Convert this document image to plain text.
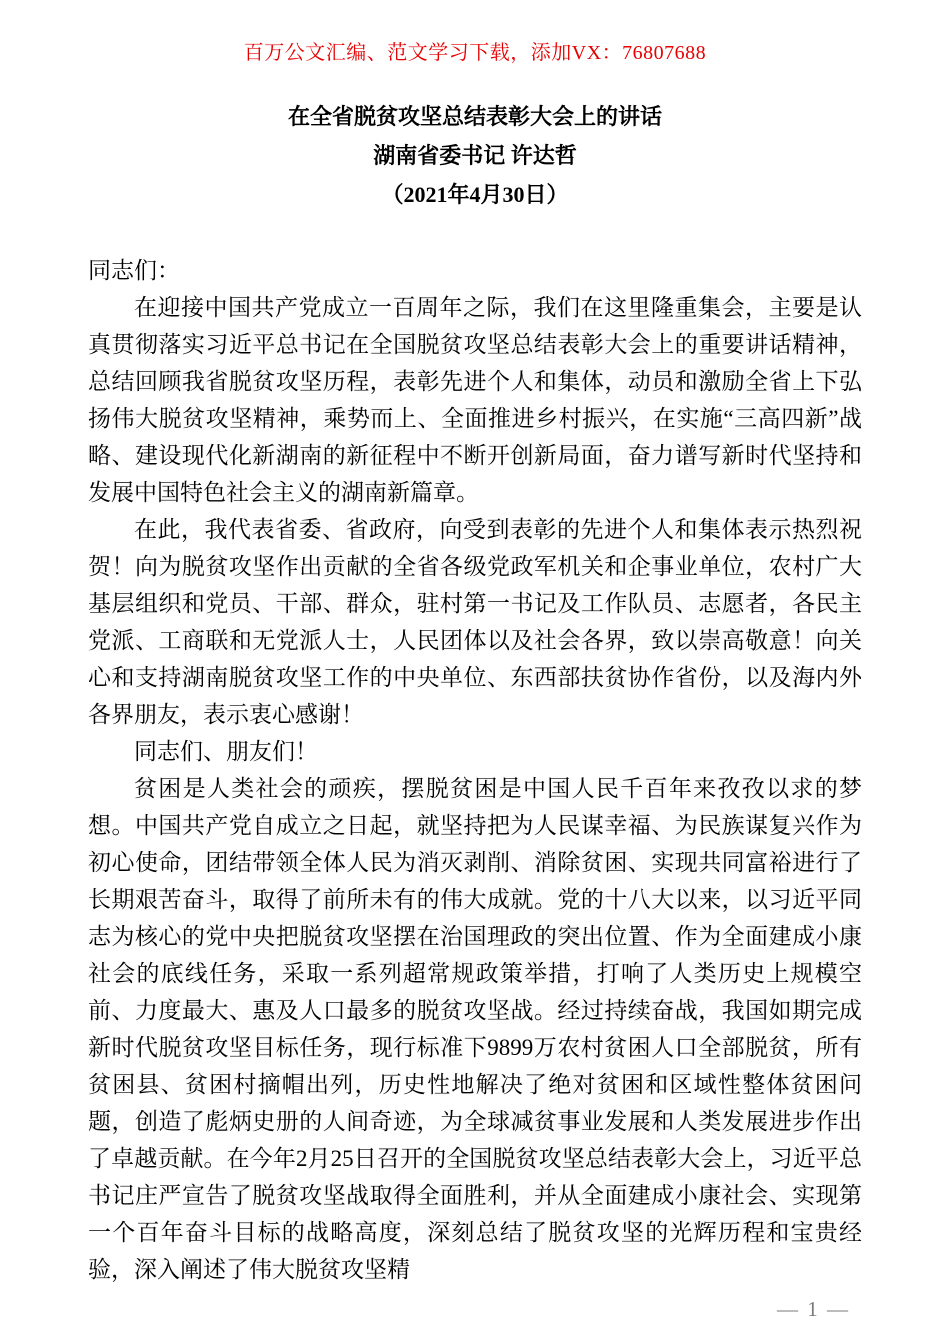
百万公文汇编、范文学习下载，添加VX：76807688
在全省脱贫攻坚总结表彰大会上的讲话
湖南省委书记 许达哲
（2021年4月30日）

同志们：

在迎接中国共产党成立一百周年之际，我们在这里隆重集会，主要是认真贯彻落实习近平总书记在全国脱贫攻坚总结表彰大会上的重要讲话精神，总结回顾我省脱贫攻坚历程，表彰先进个人和集体，动员和激励全省上下弘扬伟大脱贫攻坚精神，乘势而上、全面推进乡村振兴，在实施“三高四新”战略、建设现代化新湖南的新征程中不断开创新局面，奋力谱写新时代坚持和发展中国特色社会主义的湖南新篇章。

在此，我代表省委、省政府，向受到表彰的先进个人和集体表示热烈祝贺！向为脱贫攻坚作出贡献的全省各级党政军机关和企事业单位，农村广大基层组织和党员、干部、群众，驻村第一书记及工作队员、志愿者，各民主党派、工商联和无党派人士，人民团体以及社会各界，致以崇高敬意！向关心和支持湖南脱贫攻坚工作的中央单位、东西部扶贫协作省份，以及海内外各界朋友，表示衷心感谢！

同志们、朋友们！

贫困是人类社会的顽疾，摆脱贫困是中国人民千百年来孜孜以求的梦想。中国共产党自成立之日起，就坚持把为人民谋幸福、为民族谋复兴作为初心使命，团结带领全体人民为消灭剥削、消除贫困、实现共同富裕进行了长期艰苦奋斗，取得了前所未有的伟大成就。党的十八大以来，以习近平同志为核心的党中央把脱贫攻坚摆在治国理政的突出位置、作为全面建成小康社会的底线任务，采取一系列超常规政策举措，打响了人类历史上规模空前、力度最大、惠及人口最多的脱贫攻坚战。经过持续奋战，我国如期完成新时代脱贫攻坚目标任务，现行标准下9899万农村贫困人口全部脱贫，所有贫困县、贫困村摘帽出列，历史性地解决了绝对贫困和区域性整体贫困问题，创造了彪炳史册的人间奇迹，为全球减贫事业发展和人类发展进步作出了卓越贡献。在今年2月25日召开的全国脱贫攻坚总结表彰大会上，习近平总书记庄严宣告了脱贫攻坚战取得全面胜利，并从全面建成小康社会、实现第一个百年奋斗目标的战略高度，深刻总结了脱贫攻坚的光辉历程和宝贵经验，深入阐述了伟大脱贫攻坚精

— 1 —
